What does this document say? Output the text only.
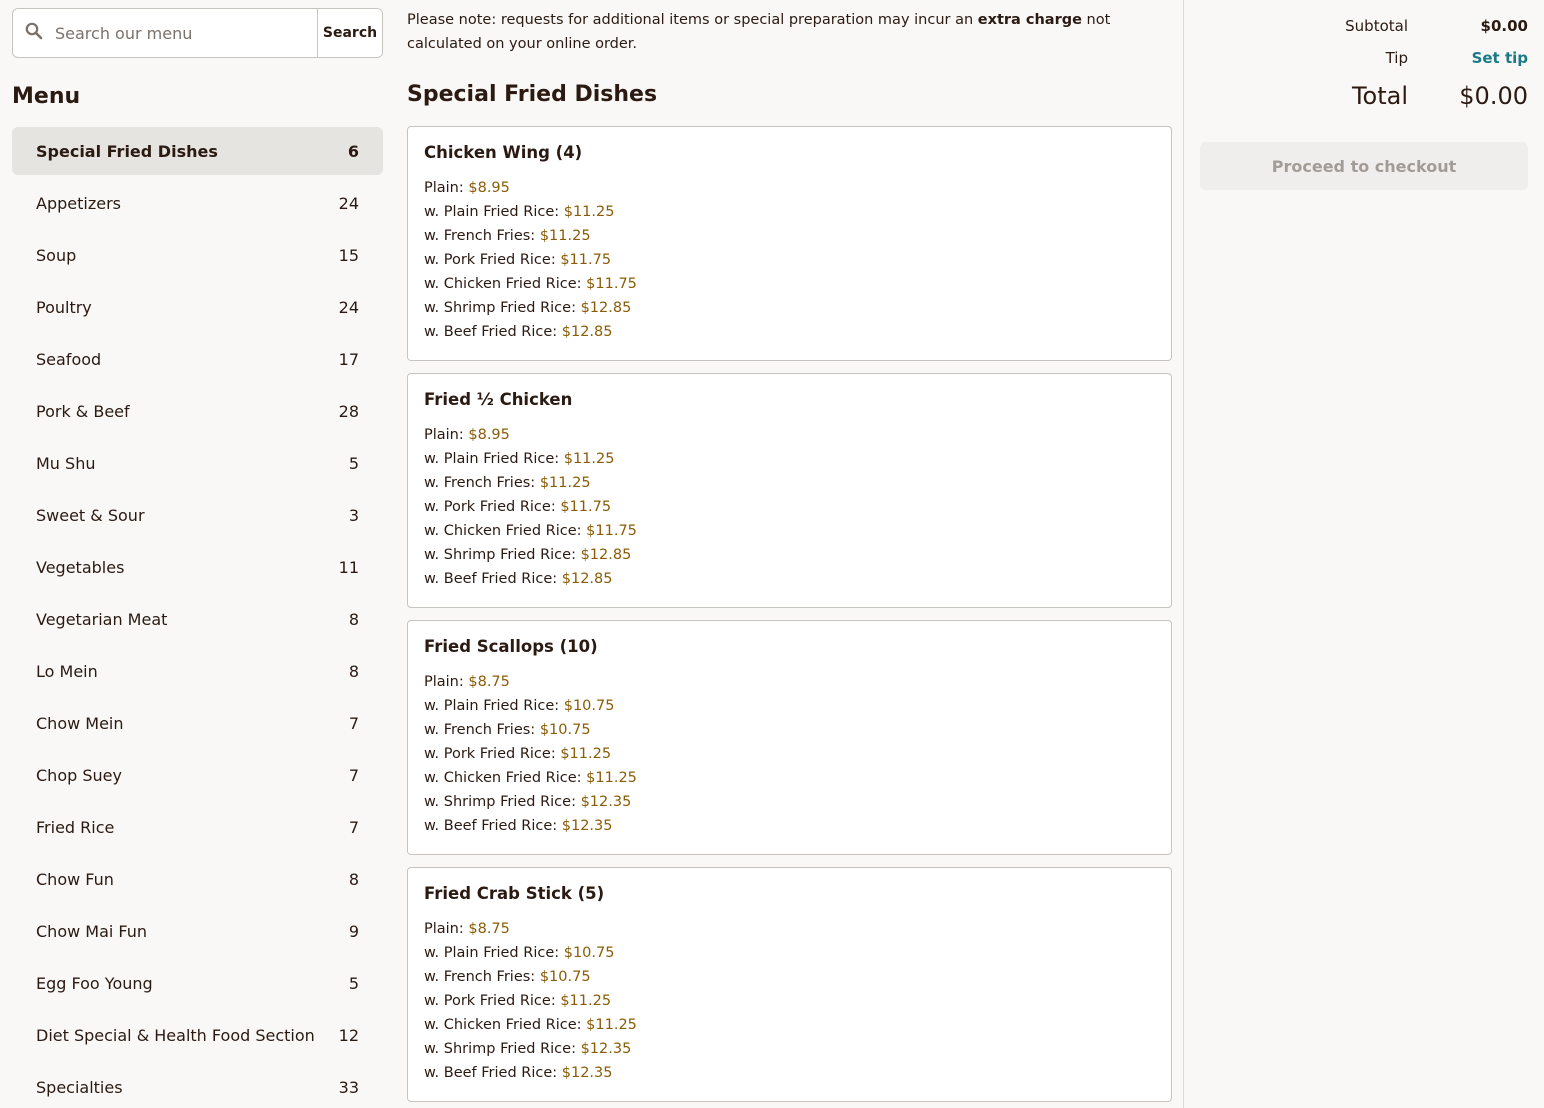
Search our menu
Search
Menu
Special Fried Dishes	6
Appetizers	24
Soup	15
Poultry	24
Seafood	17
Pork & Beef	28
Mu Shu	5
Sweet & Sour	3
Vegetables	11
Vegetarian Meat	8
Lo Mein	8
Chow Mein	7
Chop Suey	7
Fried Rice	7
Chow Fun	8
Chow Mai Fun	9
Egg Foo Young	5
Diet Special & Health Food Section 12
Specialties	33

Please note: requests for additional items or special preparation may incur an extra charge not calculated on your online order.

Special Fried Dishes
Chicken Wing (4)
Plain: $8.95
w. Plain Fried Rice: $11.25
w. French Fries: $11.25
w. Pork Fried Rice: $11.75
w. Chicken Fried Rice: $11.75
w. Shrimp Fried Rice: $12.85
w. Beef Fried Rice: $12.85
Fried ½ Chicken
Plain: $8.95
w. Plain Fried Rice: $11.25
w. French Fries: $11.25
w. Pork Fried Rice: $11.75
w. Chicken Fried Rice: $11.75
w. Shrimp Fried Rice: $12.85
w. Beef Fried Rice: $12.85
Fried Scallops (10)
Plain: $8.75
w. Plain Fried Rice: $10.75
w. French Fries: $10.75
w. Pork Fried Rice: $11.25
w. Chicken Fried Rice: $11.25
w. Shrimp Fried Rice: $12.35
w. Beef Fried Rice: $12.35
Fried Crab Stick (5)
Plain: $8.75
w. Plain Fried Rice: $10.75
w. French Fries: $10.75
w. Pork Fried Rice: $11.25
w. Chicken Fried Rice: $11.25
w. Shrimp Fried Rice: $12.35
w. Beef Fried Rice: $12.35
Subtotal	$0.00
Tip	Set tip
Total	$0.00
Proceed to checkout
